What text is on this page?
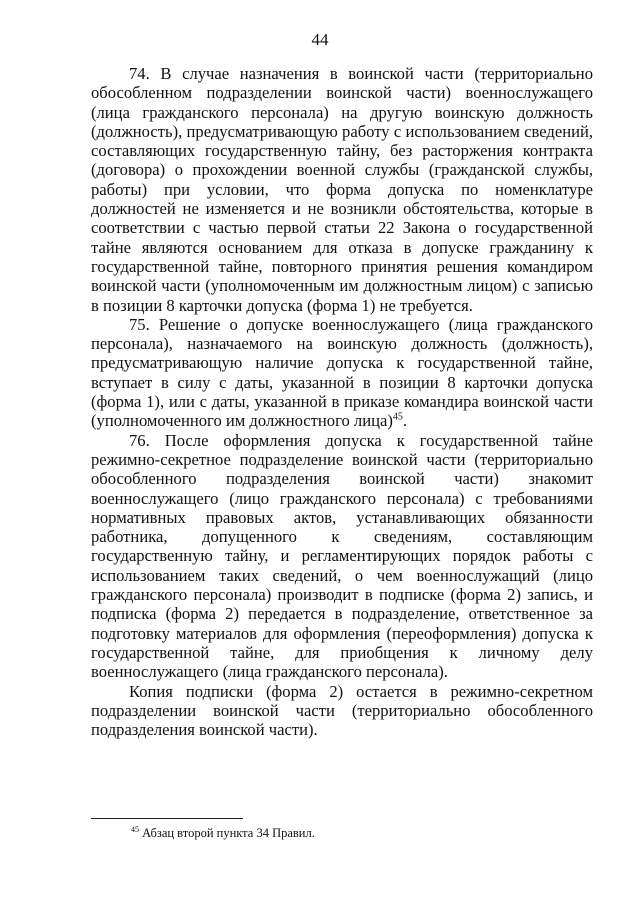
44

74. В случае назначения в воинской части (территориально обособленном подразделении воинской части) военнослужащего (лица гражданского персонала) на другую воинскую должность (должность), предусматривающую работу с использованием сведений, составляющих государственную тайну, без расторжения контракта (договора) о прохождении военной службы (гражданской службы, работы) при условии, что форма допуска по номенклатуре должностей не изменяется и не возникли обстоятельства, которые в соответствии с частью первой статьи 22 Закона о государственной тайне являются основанием для отказа в допуске гражданину к государственной тайне, повторного принятия решения командиром воинской части (уполномоченным им должностным лицом) с записью в позиции 8 карточки допуска (форма 1) не требуется.

75. Решение о допуске военнослужащего (лица гражданского персонала), назначаемого на воинскую должность (должность), предусматривающую наличие допуска к государственной тайне, вступает в силу с даты, указанной в позиции 8 карточки допуска (форма 1), или с даты, указанной в приказе командира воинской части (уполномоченного им должностного лица)$^{45}$.

76. После оформления допуска к государственной тайне режимно-секретное подразделение воинской части (территориально обособленного подразделения воинской части) знакомит военнослужащего (лицо гражданского персонала) с требованиями нормативных правовых актов, устанавливающих обязанности работника, допущенного к сведениям, составляющим государственную тайну, и регламентирующих порядок работы с использованием таких сведений, о чем военнослужащий (лицо гражданского персонала) производит в подписке (форма 2) запись, и подписка (форма 2) передается в подразделение, ответственное за подготовку материалов для оформления (переоформления) допуска к государственной тайне, для приобщения к личному делу военнослужащего (лица гражданского персонала).

Копия подписки (форма 2) остается в режимно-секретном подразделении воинской части (территориально обособленного подразделения воинской части).

$^{45}$ Абзац второй пункта 34 Правил.
